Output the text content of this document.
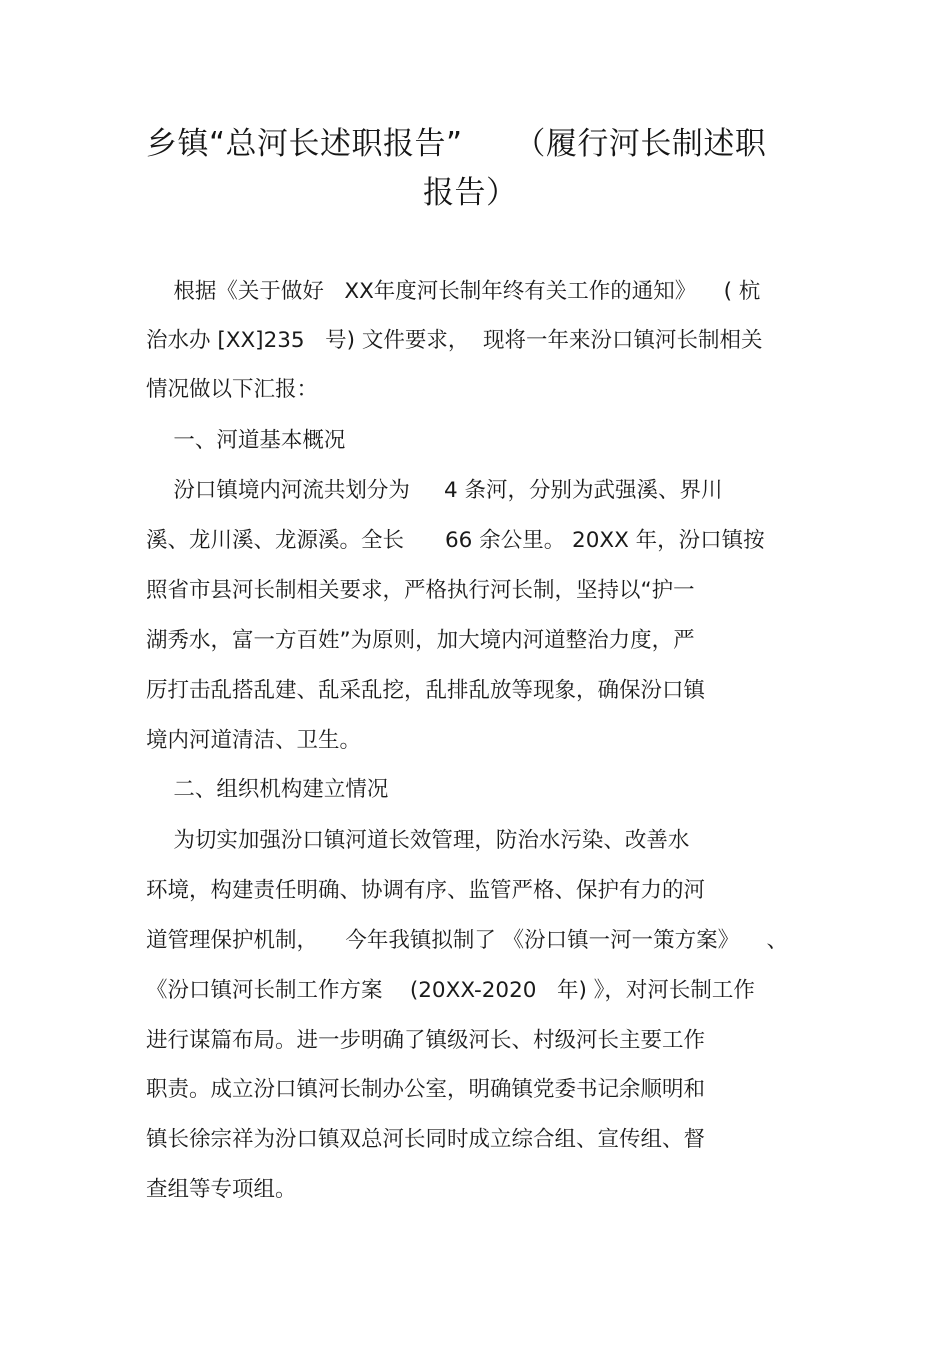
乡镇“总河长述职报告”     （履行河长制述职
报告）
根据《关于做好   XX年度河长制年终有关工作的通知》    ( 杭
治水办 [XX]235   号) 文件要求，  现将一年来汾口镇河长制相关
情况做以下汇报：
一、河道基本概况
汾口镇境内河流共划分为     4 条河，分别为武强溪、界川
溪、龙川溪、龙源溪。全长      66 余公里。 20XX 年，汾口镇按
照省市县河长制相关要求，严格执行河长制，坚持以“护一
湖秀水，富一方百姓”为原则，加大境内河道整治力度，严
厉打击乱搭乱建、乱采乱挖，乱排乱放等现象，确保汾口镇
境内河道清洁、卫生。
二、组织机构建立情况
为切实加强汾口镇河道长效管理，防治水污染、改善水
环境，构建责任明确、协调有序、监管严格、保护有力的河
道管理保护机制，    今年我镇拟制了 《汾口镇一河一策方案》    、
《汾口镇河长制工作方案    (20XX-2020   年) 》，对河长制工作
进行谋篇布局。进一步明确了镇级河长、村级河长主要工作
职责。成立汾口镇河长制办公室，明确镇党委书记余顺明和
镇长徐宗祥为汾口镇双总河长同时成立综合组、宣传组、督
查组等专项组。
